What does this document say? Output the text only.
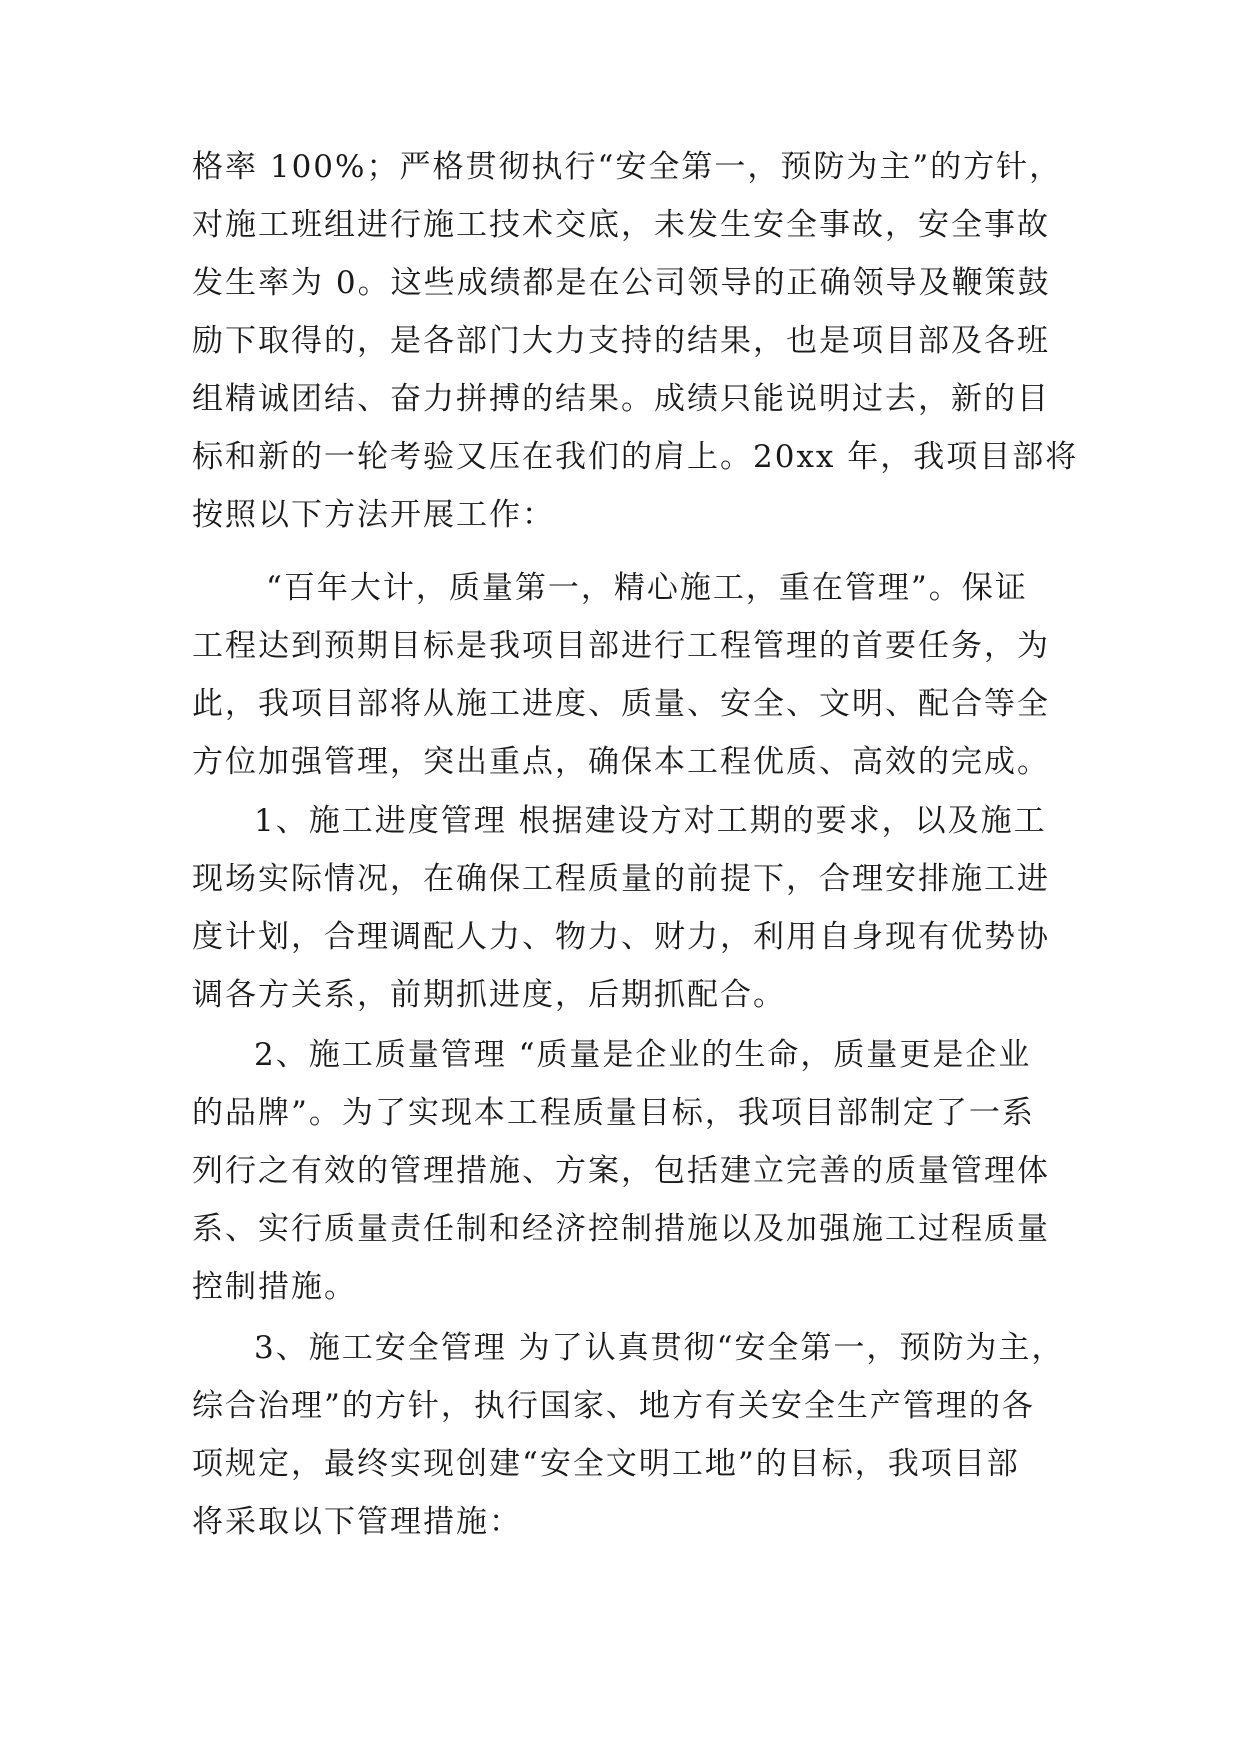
格率 100%；严格贯彻执行“安全第一，预防为主”的方针，

对施工班组进行施工技术交底，未发生安全事故，安全事故

发生率为 0。这些成绩都是在公司领导的正确领导及鞭策鼓

励下取得的，是各部门大力支持的结果，也是项目部及各班

组精诚团结、奋力拼搏的结果。成绩只能说明过去，新的目

标和新的一轮考验又压在我们的肩上。20xx 年，我项目部将

按照以下方法开展工作：

“百年大计，质量第一，精心施工，重在管理”。保证

工程达到预期目标是我项目部进行工程管理的首要任务，为

此，我项目部将从施工进度、质量、安全、文明、配合等全

方位加强管理，突出重点，确保本工程优质、高效的完成。

1、施工进度管理 根据建设方对工期的要求，以及施工

现场实际情况，在确保工程质量的前提下，合理安排施工进

度计划，合理调配人力、物力、财力，利用自身现有优势协

调各方关系，前期抓进度，后期抓配合。

2、施工质量管理 “质量是企业的生命，质量更是企业

的品牌”。为了实现本工程质量目标，我项目部制定了一系

列行之有效的管理措施、方案，包括建立完善的质量管理体

系、实行质量责任制和经济控制措施以及加强施工过程质量

控制措施。

3、施工安全管理 为了认真贯彻“安全第一，预防为主，

综合治理”的方针，执行国家、地方有关安全生产管理的各

项规定，最终实现创建“安全文明工地”的目标，我项目部

将采取以下管理措施：
